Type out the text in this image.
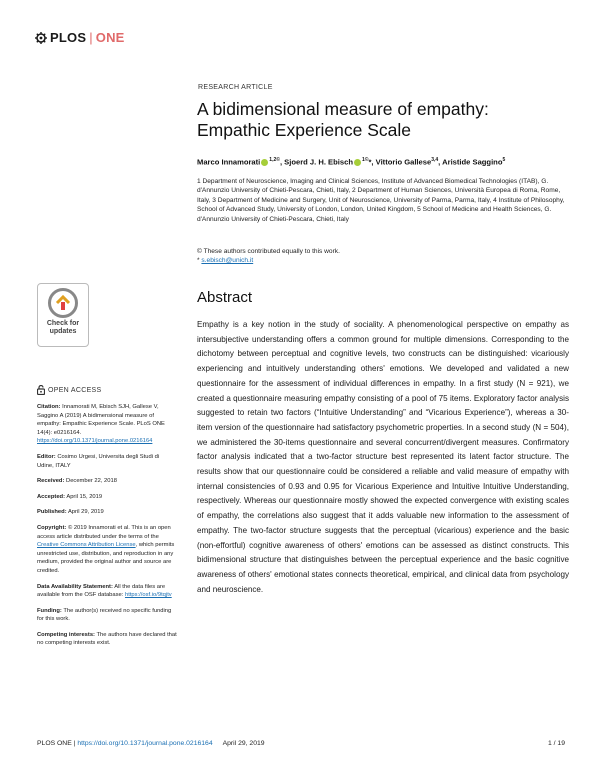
PLOS | ONE
RESEARCH ARTICLE
A bidimensional measure of empathy: Empathic Experience Scale
Marco Innamorati $^{1,2©}$, Sjoerd J. H. Ebisch $^{1©}$*, Vittorio Gallese$^{3,4}$, Aristide Saggino$^5$
1 Department of Neuroscience, Imaging and Clinical Sciences, Institute of Advanced Biomedical Technologies (ITAB), G. d'Annunzio University of Chieti-Pescara, Chieti, Italy, 2 Department of Human Sciences, Università Europea di Roma, Rome, Italy, 3 Department of Medicine and Surgery, Unit of Neuroscience, University of Parma, Parma, Italy, 4 Institute of Philosophy, School of Advanced Study, University of London, London, United Kingdom, 5 School of Medicine and Health Sciences, G. d'Annunzio University of Chieti-Pescara, Chieti, Italy
© These authors contributed equally to this work.
* s.ebisch@unich.it
Check for updates
OPEN ACCESS
Citation: Innamorati M, Ebisch SJH, Gallese V, Saggino A (2019) A bidimensional measure of empathy: Empathic Experience Scale. PLoS ONE 14(4): e0216164. https://doi.org/10.1371/journal.pone.0216164
Editor: Cosimo Urgesi, Universita degli Studi di Udine, ITALY
Received: December 22, 2018
Accepted: April 15, 2019
Published: April 29, 2019
Copyright: © 2019 Innamorati et al. This is an open access article distributed under the terms of the Creative Commons Attribution License, which permits unrestricted use, distribution, and reproduction in any medium, provided the original author and source are credited.
Data Availability Statement: All the data files are available from the OSF database: https://osf.io/9tqjtv
Funding: The author(s) received no specific funding for this work.
Competing interests: The authors have declared that no competing interests exist.
Abstract
Empathy is a key notion in the study of sociality. A phenomenological perspective on empathy as intersubjective understanding offers a common ground for multiple dimensions. Corresponding to the dichotomy between perceptual and cognitive levels, two constructs can be distinguished: vicariously experiencing and intuitively understanding others' emotions. We developed and validated a new questionnaire for the assessment of individual differences in empathy. In a first study (N = 921), we created a questionnaire measuring empathy consisting of a pool of 75 items. Exploratory factor analysis suggested to retain two factors (“Intuitive Understanding” and “Vicarious Experience”), whereas a 30-item version of the questionnaire had satisfactory psychometric properties. In a second study (N = 504), we administered the 30-items questionnaire and several concurrent/divergent measures. Confirmatory factor analysis indicated that a two-factor structure best represented its latent factor structure. The results show that our questionnaire could be considered a reliable and valid measure of empathy with internal consistencies of 0.93 and 0.95 for Vicarious Experience and Intuitive Intuitive Understanding, respectively. Whereas our questionnaire mostly showed the expected convergence with existing scales of empathy, the correlations also suggest that it adds valuable new information to the assessment of empathy. The two-factor structure suggests that the perceptual (vicarious) experience and the basic (non-effortful) cognitive awareness of others' emotions can be assessed as distinct constructs. This bidimensional structure that distinguishes between the perceptual experience and the basic cognitive awareness of others' emotional states connects theoretical, empirical, and clinical data from psychology and neuroscience.
PLOS ONE | https://doi.org/10.1371/journal.pone.0216164 April 29, 2019	1 / 19
